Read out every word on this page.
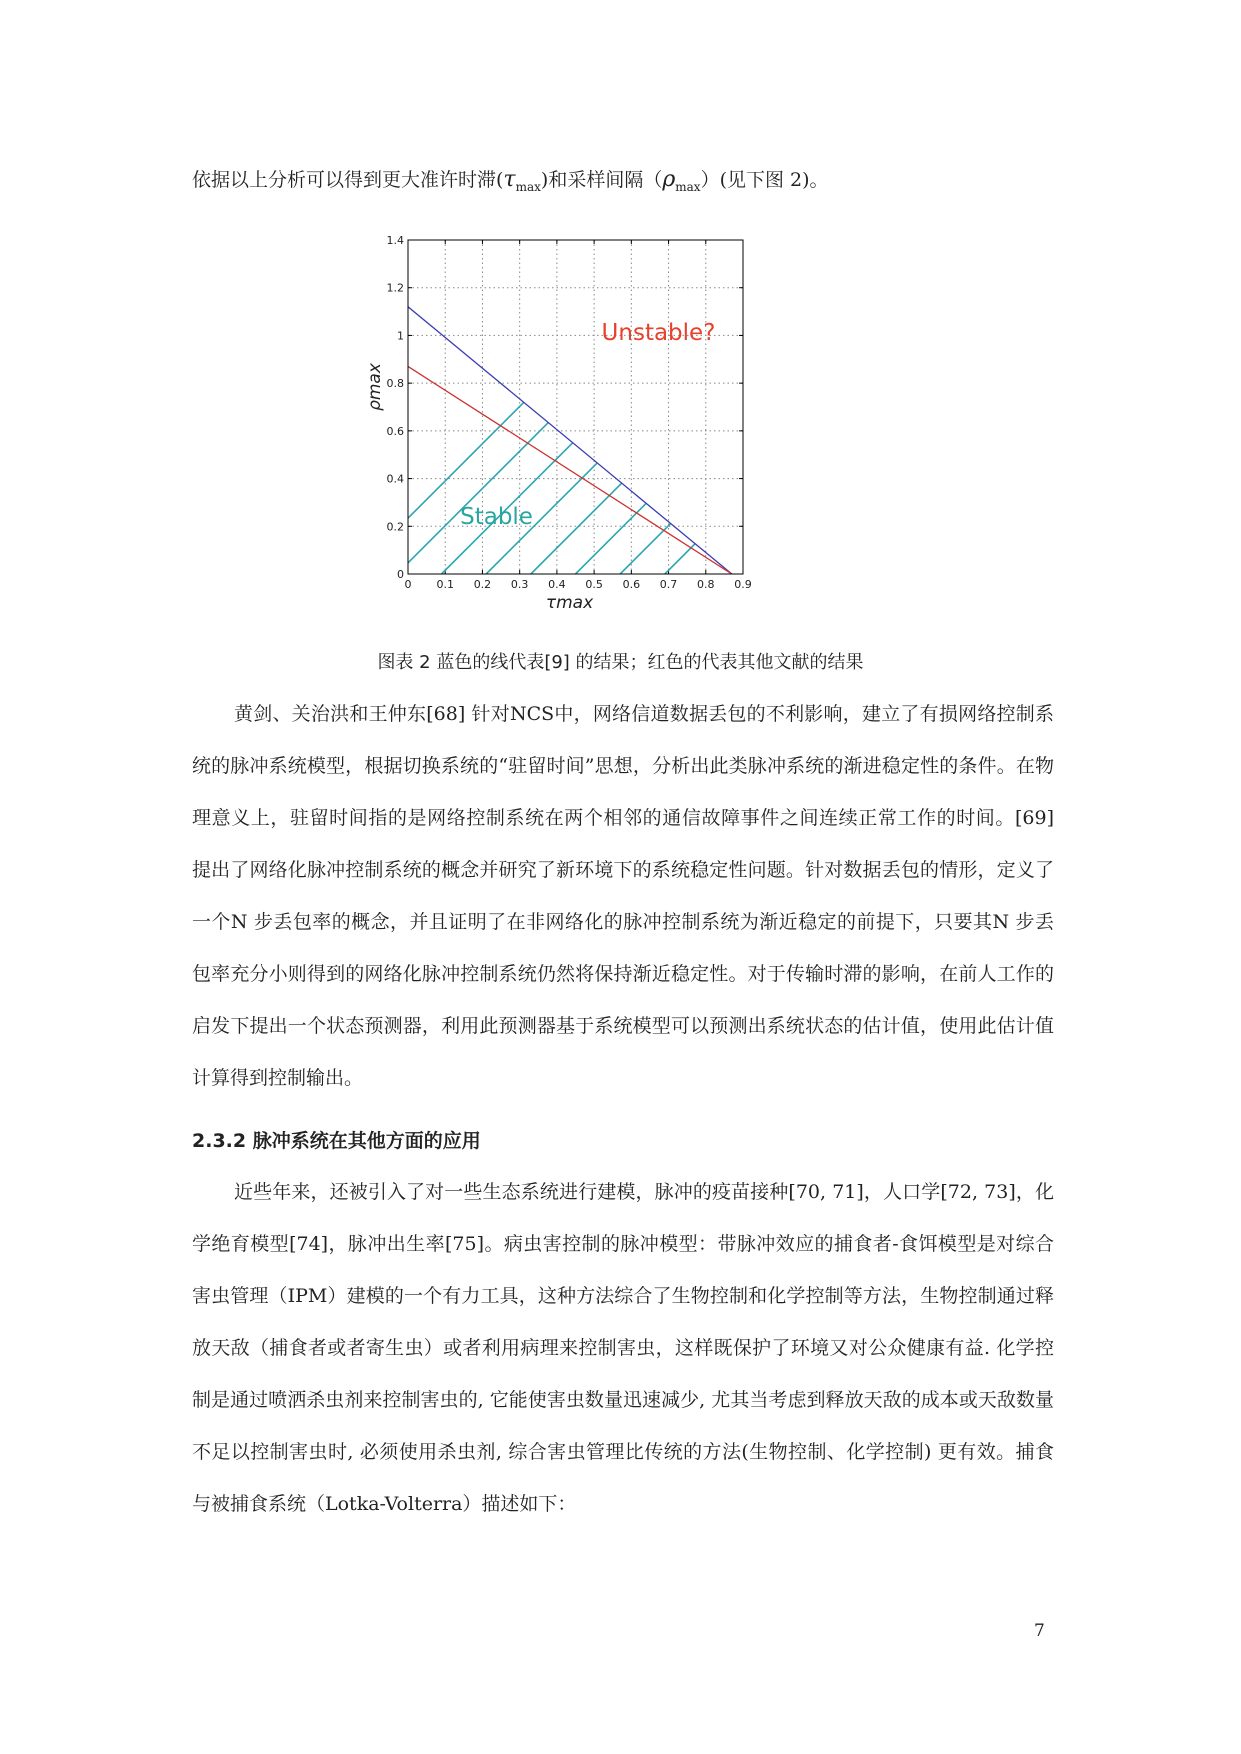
依据以上分析可以得到更大准许时滞$(\tau_{max})$和采样间隔$(\rho_{max})$(见下图 2)。
0 0.1 0.2 0.3 0.4 0.5 0.6 0.7 0.8 0.9
0
0.2
0.4
0.6
0.8
1
1.2
1.4
Unstable?
Stable
τmax
ρmax
图表 2 蓝色的线代表[9] 的结果；红色的代表其他文献的结果

黄剑、关治洪和王仲东[68] 针对NCS中，网络信道数据丢包的不利影响，建立了有损网络控制系统的脉冲系统模型，根据切换系统的“驻留时间”思想，分析出此类脉冲系统的渐进稳定性的条件。在物理意义上，驻留时间指的是网络控制系统在两个相邻的通信故障事件之间连续正常工作的时间。[69] 提出了网络化脉冲控制系统的概念并研究了新环境下的系统稳定性问题。针对数据丢包的情形，定义了一个N 步丢包率的概念，并且证明了在非网络化的脉冲控制系统为渐近稳定的前提下，只要其N 步丢包率充分小则得到的网络化脉冲控制系统仍然将保持渐近稳定性。对于传输时滞的影响，在前人工作的启发下提出一个状态预测器，利用此预测器基于系统模型可以预测出系统状态的估计值，使用此估计值计算得到控制输出。

2.3.2 脉冲系统在其他方面的应用

近些年来，还被引入了对一些生态系统进行建模，脉冲的疫苗接种[70, 71]，人口学[72, 73]，化学绝育模型[74]，脉冲出生率[75]。病虫害控制的脉冲模型：带脉冲效应的捕食者-食饵模型是对综合害虫管理（IPM）建模的一个有力工具，这种方法综合了生物控制和化学控制等方法，生物控制通过释放天敌（捕食者或者寄生虫）或者利用病理来控制害虫，这样既保护了环境又对公众健康有益. 化学控制是通过喷洒杀虫剂来控制害虫的, 它能使害虫数量迅速减少, 尤其当考虑到释放天敌的成本或天敌数量不足以控制害虫时, 必须使用杀虫剂, 综合害虫管理比传统的方法(生物控制、化学控制) 更有效。捕食与被捕食系统（Lotka-Volterra）描述如下：

7
